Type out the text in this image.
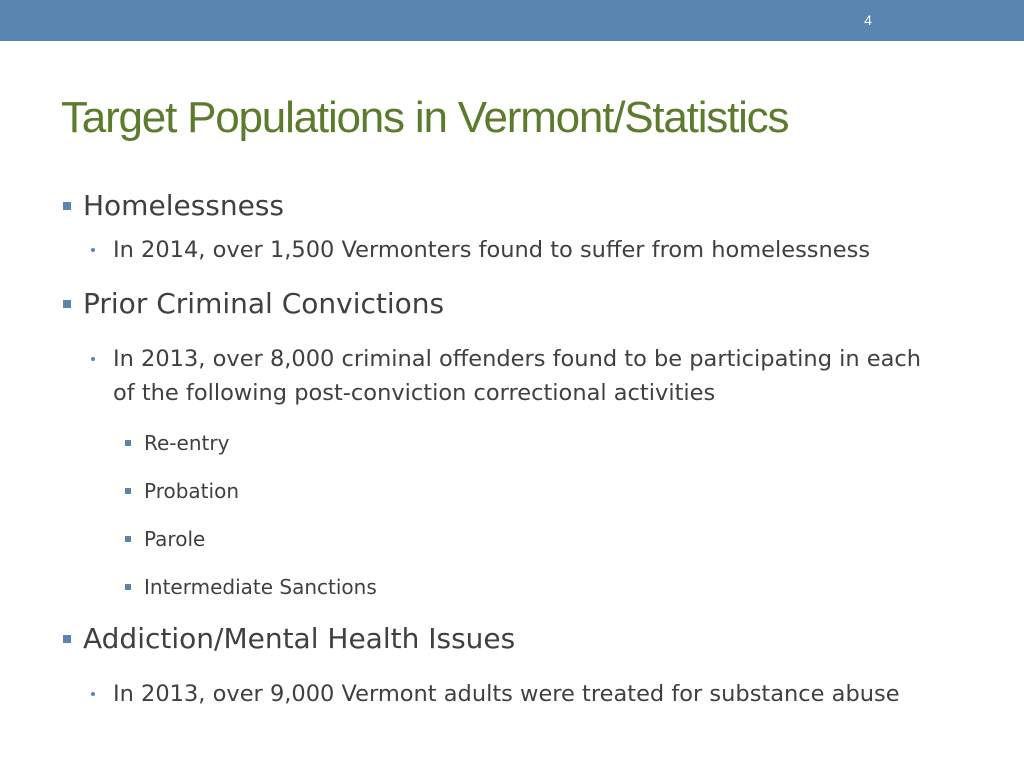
4
Target Populations in Vermont/Statistics
Homelessness
In 2014, over 1,500 Vermonters found to suffer from homelessness
Prior Criminal Convictions
In 2013, over 8,000 criminal offenders found to be participating in each
of the following post-conviction correctional activities
Re-entry
Probation
Parole
Intermediate Sanctions
Addiction/Mental Health Issues
In 2013, over 9,000 Vermont adults were treated for substance abuse
